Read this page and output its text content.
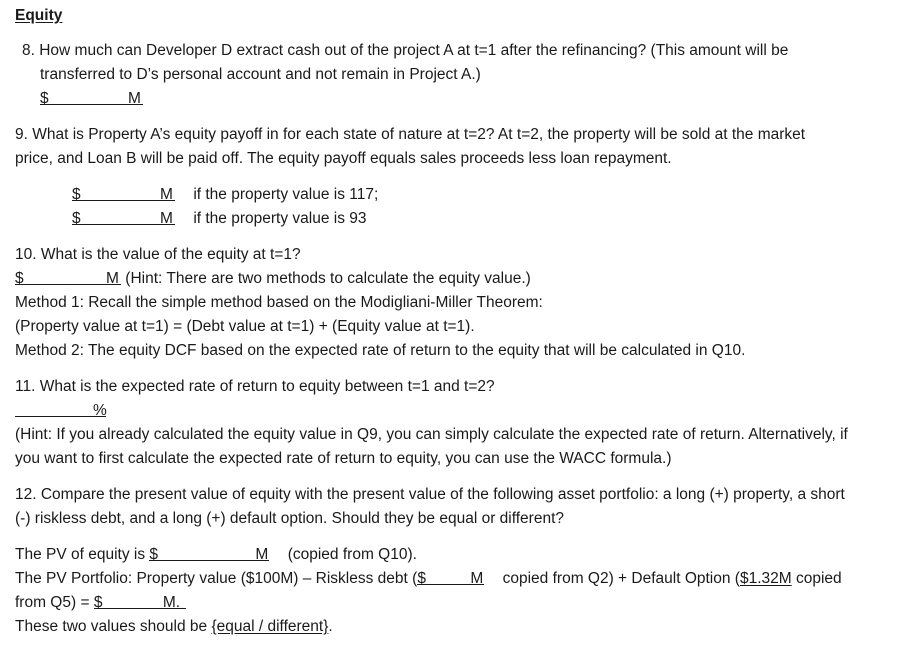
Equity
8. How much can Developer D extract cash out of the project A at t=1 after the refinancing? (This amount will be
transferred to D’s personal account and not remain in Project A.)
$	M
9. What is Property A’s equity payoff in for each state of nature at t=2? At t=2, the property will be sold at the market
price, and Loan B will be paid off. The equity payoff equals sales proceeds less loan repayment.
$	M if the property value is 117;
$	M if the property value is 93
10. What is the value of the equity at t=1?
$	M (Hint: There are two methods to calculate the equity value.)
Method 1: Recall the simple method based on the Modigliani-Miller Theorem:
(Property value at t=1) = (Debt value at t=1) + (Equity value at t=1).
Method 2: The equity DCF based on the expected rate of return to the equity that will be calculated in Q10.
11. What is the expected rate of return to equity between t=1 and t=2?
%
(Hint: If you already calculated the equity value in Q9, you can simply calculate the expected rate of return. Alternatively, if
you want to first calculate the expected rate of return to equity, you can use the WACC formula.)
12. Compare the present value of equity with the present value of the following asset portfolio: a long (+) property, a short
(-) riskless debt, and a long (+) default option. Should they be equal or different?
The PV of equity is $	M (copied from Q10).
The PV Portfolio: Property value ($100M) – Riskless debt ($	M copied from Q2) + Default Option ($1.32M copied
from Q5) = $	M.
These two values should be {equal / different}.
